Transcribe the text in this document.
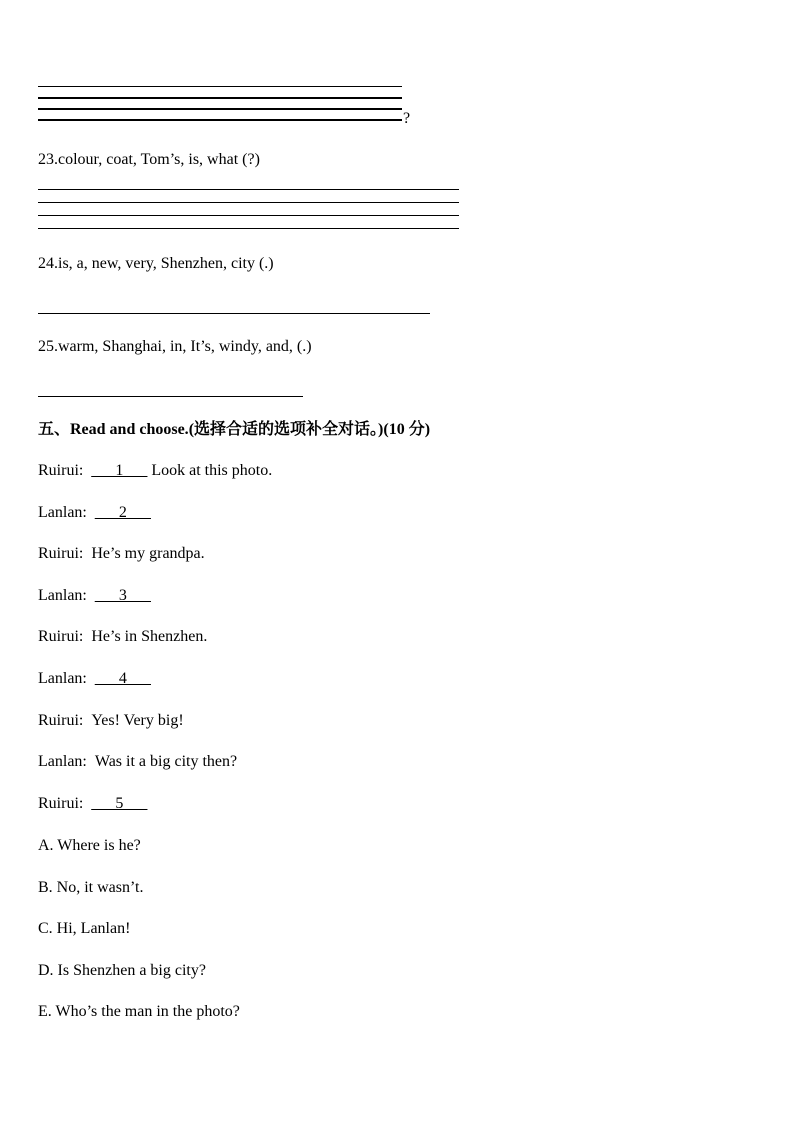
?
23.colour, coat, Tom’s, is, what (?)
24.is, a, new, very, Shenzhen, city (.)
25.warm, Shanghai, in, It’s, windy, and, (.)
五、Read and choose.(选择合适的选项补全对话。)(10 分)
Ruirui:  ___1___ Look at this photo.
Lanlan:  ___2___
Ruirui:  He’s my grandpa.
Lanlan:  ___3___
Ruirui:  He’s in Shenzhen.
Lanlan:  ___4___
Ruirui:  Yes! Very big!
Lanlan:  Was it a big city then?
Ruirui:  ___5___
A. Where is he?
B. No, it wasn’t.
C. Hi, Lanlan!
D. Is Shenzhen a big city?
E. Who’s the man in the photo?
